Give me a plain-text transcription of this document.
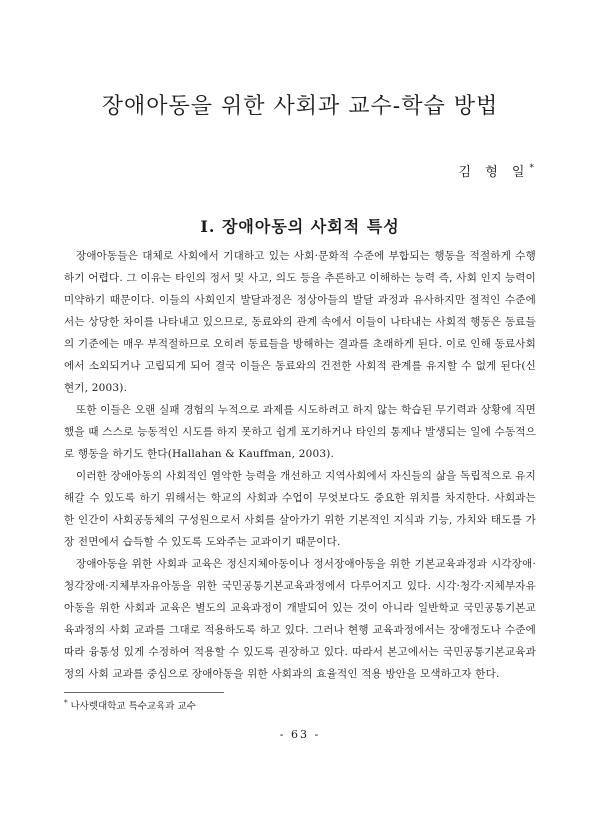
장애아동을 위한 사회과 교수-학습 방법
김 형 일*
Ⅰ. 장애아동의 사회적 특성

장애아동들은 대체로 사회에서 기대하고 있는 사회·문화적 수준에 부합되는 행동을 적절하게 수행하기 어렵다. 그 이유는 타인의 정서 및 사고, 의도 등을 추론하고 이해하는 능력 즉, 사회 인지 능력이 미약하기 때문이다. 이들의 사회인지 발달과정은 정상아들의 발달 과정과 유사하지만 절적인 수준에서는 상당한 차이를 나타내고 있으므로, 동료와의 관계 속에서 이들이 나타내는 사회적 행동은 동료들의 기준에는 매우 부적절하므로 오히려 동료들을 방해하는 결과를 초래하게 된다. 이로 인해 동료사회에서 소외되거나 고립되게 되어 결국 이들은 동료와의 건전한 사회적 관계를 유지할 수 없게 된다(신현기, 2003).

또한 이들은 오랜 실패 경험의 누적으로 과제를 시도하려고 하지 않는 학습된 무기력과 상황에 직면했을 때 스스로 능동적인 시도를 하지 못하고 쉽게 포기하거나 타인의 통제나 발생되는 일에 수동적으로 행동을 하기도 한다(Hallahan & Kauffman, 2003).

이러한 장애아동의 사회적인 열악한 능력을 개선하고 지역사회에서 자신들의 삶을 독립적으로 유지해갈 수 있도록 하기 위해서는 학교의 사회과 수업이 무엇보다도 중요한 위치를 차지한다. 사회과는 한 인간이 사회공동체의 구성원으로서 사회를 살아가기 위한 기본적인 지식과 기능, 가치와 태도를 가장 전면에서 습득할 수 있도록 도와주는 교과이기 때문이다.

장애아동을 위한 사회과 교육은 정신지체아동이나 정서장애아동을 위한 기본교육과정과 시각장애·청각장애·지체부자유아동을 위한 국민공통기본교육과정에서 다루어지고 있다. 시각·청각·지체부자유아동을 위한 사회과 교육은 별도의 교육과정이 개발되어 있는 것이 아니라 일반학교 국민공통기본교육과정의 사회 교과를 그대로 적용하도록 하고 있다. 그러나 현행 교육과정에서는 장애정도나 수준에 따라 융통성 있게 수정하여 적용할 수 있도록 권장하고 있다. 따라서 본고에서는 국민공통기본교육과정의 사회 교과를 중심으로 장애아동을 위한 사회과의 효율적인 적용 방안을 모색하고자 한다.

* 나사렛대학교 특수교육과 교수
- 63 -
